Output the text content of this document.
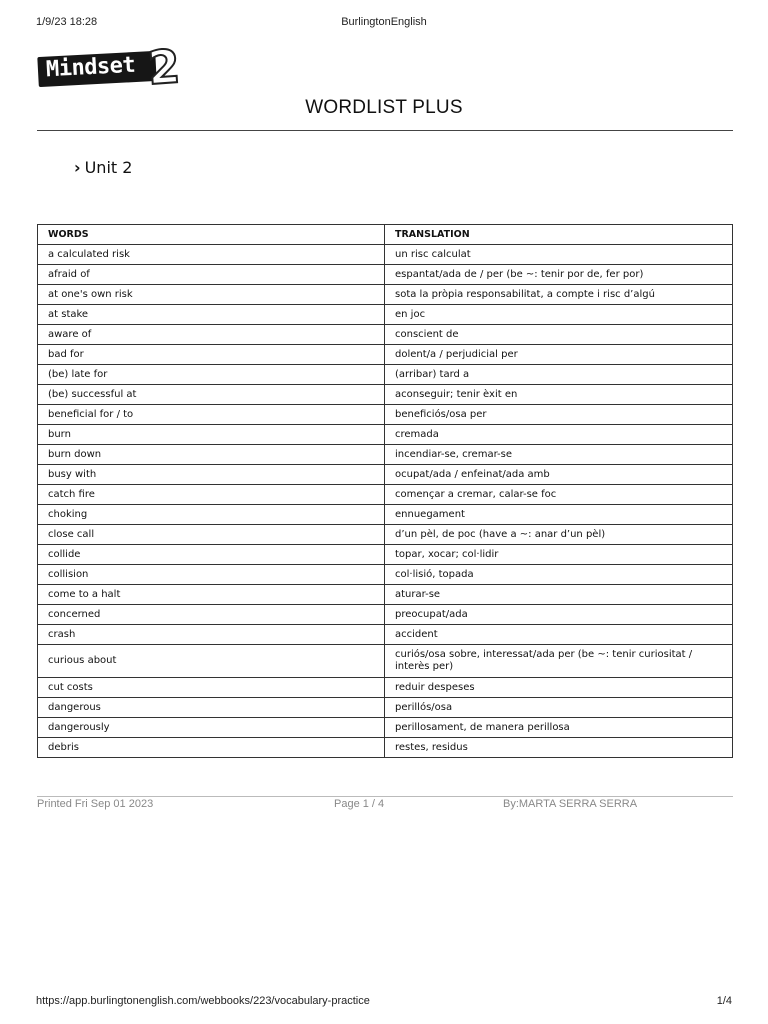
1/9/23 18:28	BurlingtonEnglish
Mindset 2
WORDLIST PLUS
› Unit 2
WORDS	TRANSLATION
a calculated risk	un risc calculat
afraid of	espantat/ada de / per (be ~: tenir por de, fer por)
at one's own risk	sota la pròpia responsabilitat, a compte i risc d’algú
at stake	en joc
aware of	conscient de
bad for	dolent/a / perjudicial per
(be) late for	(arribar) tard a
(be) successful at	aconseguir; tenir èxit en
beneficial for / to	beneficiós/osa per
burn	cremada
burn down	incendiar-se, cremar-se
busy with	ocupat/ada / enfeinat/ada amb
catch fire	començar a cremar, calar-se foc
choking	ennuegament
close call	d’un pèl, de poc (have a ~: anar d’un pèl)
collide	topar, xocar; col·lidir
collision	col·lisió, topada
come to a halt	aturar-se
concerned	preocupat/ada
crash	accident
curious about	curiós/osa sobre, interessat/ada per (be ~: tenir curiositat / interès per)
cut costs	reduir despeses
dangerous	perillós/osa
dangerously	perillosament, de manera perillosa
debris	restes, residus
Printed Fri Sep 01 2023	Page 1 / 4	By:MARTA SERRA SERRA
https://app.burlingtonenglish.com/webbooks/223/vocabulary-practice	1/4
